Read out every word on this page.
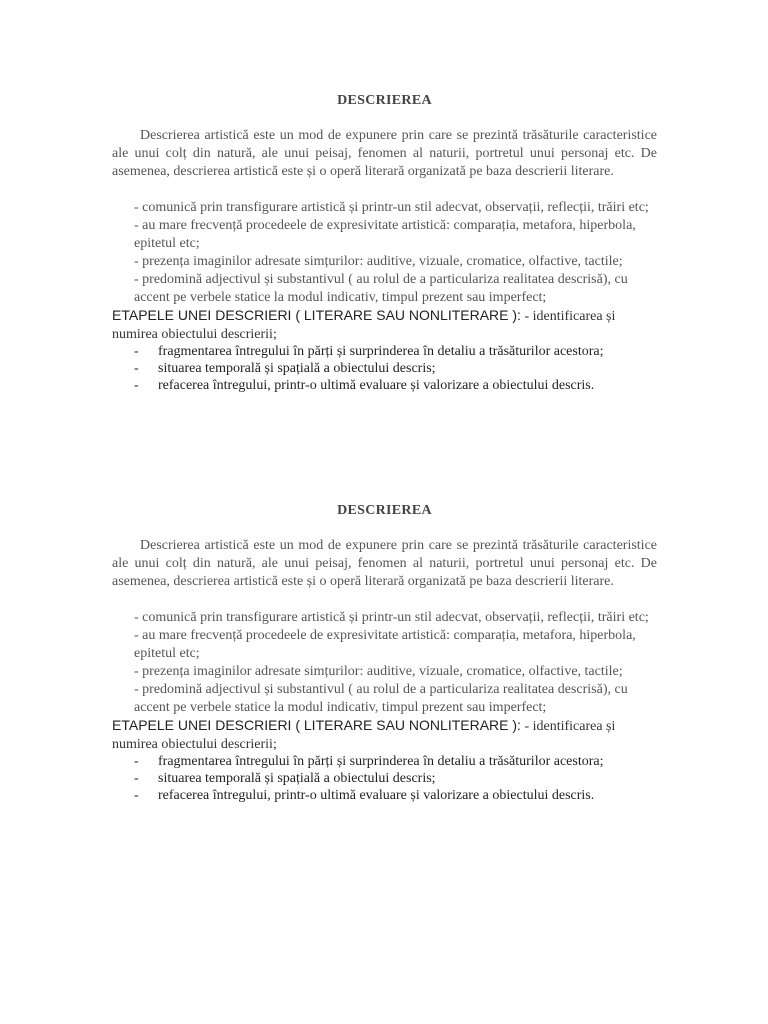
DESCRIEREA

Descrierea artistică este un mod de expunere prin care se prezintă trăsăturile caracteristice ale unui colț din natură, ale unui peisaj, fenomen al naturii, portretul unui personaj etc. De asemenea, descrierea artistică este și o operă literară organizată pe baza descrierii literare.

- comunică prin transfigurare artistică și printr-un stil adecvat, observații, reflecții, trăiri etc;
- au mare frecvență procedeele de expresivitate artistică: comparația, metafora, hiperbola, epitetul etc;
- prezența imaginilor adresate simțurilor: auditive, vizuale, cromatice, olfactive, tactile;
- predomină adjectivul și substantivul ( au rolul de a particulariza realitatea descrisă), cu accent pe verbele statice la modul indicativ, timpul prezent sau imperfect;

ETAPELE UNEI DESCRIERI ( LITERARE SAU NONLITERARE ): - identificarea și numirea obiectului descrierii;

-	fragmentarea întregului în părți și surprinderea în detaliu a trăsăturilor acestora;
-	situarea temporală și spațială a obiectului descris;
-	refacerea întregului, printr-o ultimă evaluare și valorizare a obiectului descris.
DESCRIEREA

Descrierea artistică este un mod de expunere prin care se prezintă trăsăturile caracteristice ale unui colț din natură, ale unui peisaj, fenomen al naturii, portretul unui personaj etc. De asemenea, descrierea artistică este și o operă literară organizată pe baza descrierii literare.

- comunică prin transfigurare artistică și printr-un stil adecvat, observații, reflecții, trăiri etc;
- au mare frecvență procedeele de expresivitate artistică: comparația, metafora, hiperbola, epitetul etc;
- prezența imaginilor adresate simțurilor: auditive, vizuale, cromatice, olfactive, tactile;
- predomină adjectivul și substantivul ( au rolul de a particulariza realitatea descrisă), cu accent pe verbele statice la modul indicativ, timpul prezent sau imperfect;

ETAPELE UNEI DESCRIERI ( LITERARE SAU NONLITERARE ): - identificarea și numirea obiectului descrierii;

-	fragmentarea întregului în părți și surprinderea în detaliu a trăsăturilor acestora;
-	situarea temporală și spațială a obiectului descris;
-	refacerea întregului, printr-o ultimă evaluare și valorizare a obiectului descris.
